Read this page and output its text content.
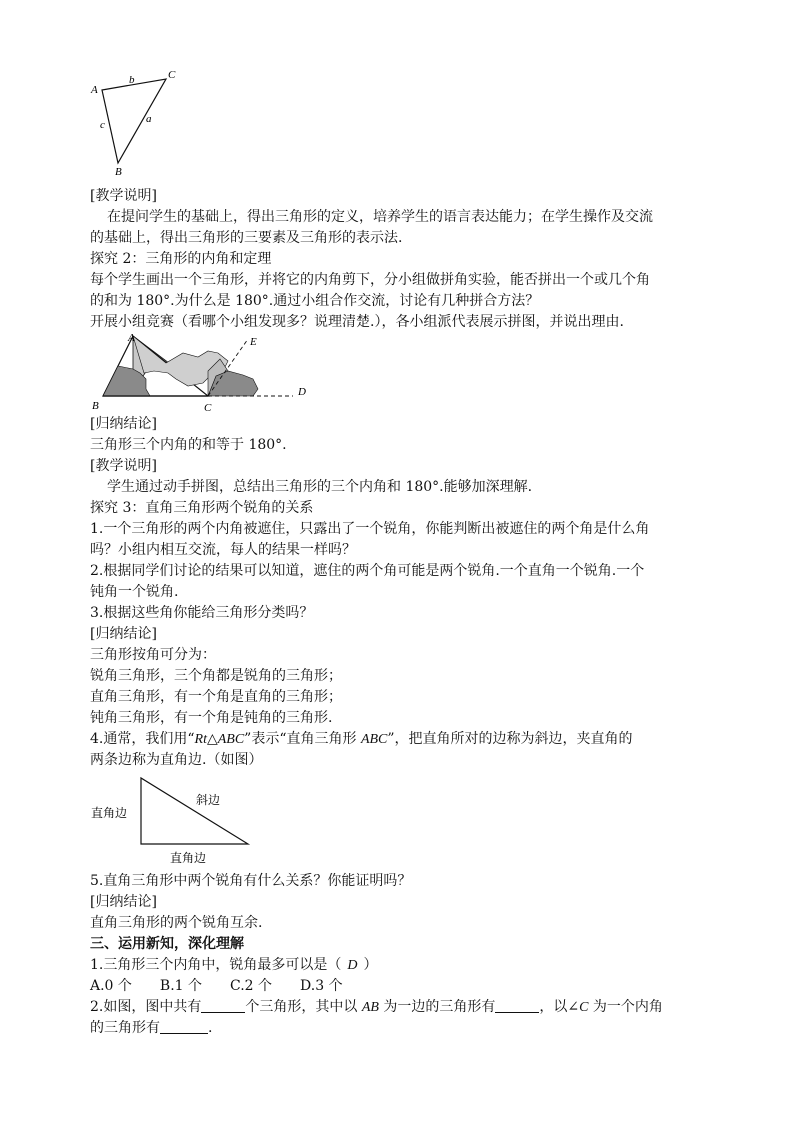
A
C
B
b
c	a
[教学说明]
在提问学生的基础上，得出三角形的定义，培养学生的语言表达能力；在学生操作及交流
的基础上，得出三角形的三要素及三角形的表示法.
探究 2：三角形的内角和定理
每个学生画出一个三角形，并将它的内角剪下，分小组做拼角实验，能否拼出一个或几个角
的和为 180°.为什么是 180°.通过小组合作交流，讨论有几种拼合方法？
开展小组竞赛（看哪个小组发现多？说理清楚.），各小组派代表展示拼图，并说出理由.
A
B	C
D
E
[归纳结论]
三角形三个内角的和等于 180°.
[教学说明]
学生通过动手拼图，总结出三角形的三个内角和 180°.能够加深理解.
探究 3：直角三角形两个锐角的关系
1.一个三角形的两个内角被遮住，只露出了一个锐角，你能判断出被遮住的两个角是什么角
吗？小组内相互交流，每人的结果一样吗？
2.根据同学们讨论的结果可以知道，遮住的两个角可能是两个锐角.一个直角一个锐角.一个
钝角一个锐角.
3.根据这些角你能给三角形分类吗？
[归纳结论]
三角形按角可分为：
锐角三角形，三个角都是锐角的三角形；
直角三角形，有一个角是直角的三角形；
钝角三角形，有一个角是钝角的三角形.
4.通常，我们用“Rt△ABC”表示“直角三角形 ABC”，把直角所对的边称为斜边，夹直角的
两条边称为直角边.（如图）
直角边
斜边
直角边
5.直角三角形中两个锐角有什么关系？你能证明吗？
[归纳结论]
直角三角形的两个锐角互余.
三、运用新知，深化理解
1.三角形三个内角中，锐角最多可以是（ D ）
A.0 个　　B.1 个　　C.2 个　　D.3 个
2.如图，图中共有	个三角形，其中以 AB 为一边的三角形有	，以∠C 为一个内角
的三角形有	.
